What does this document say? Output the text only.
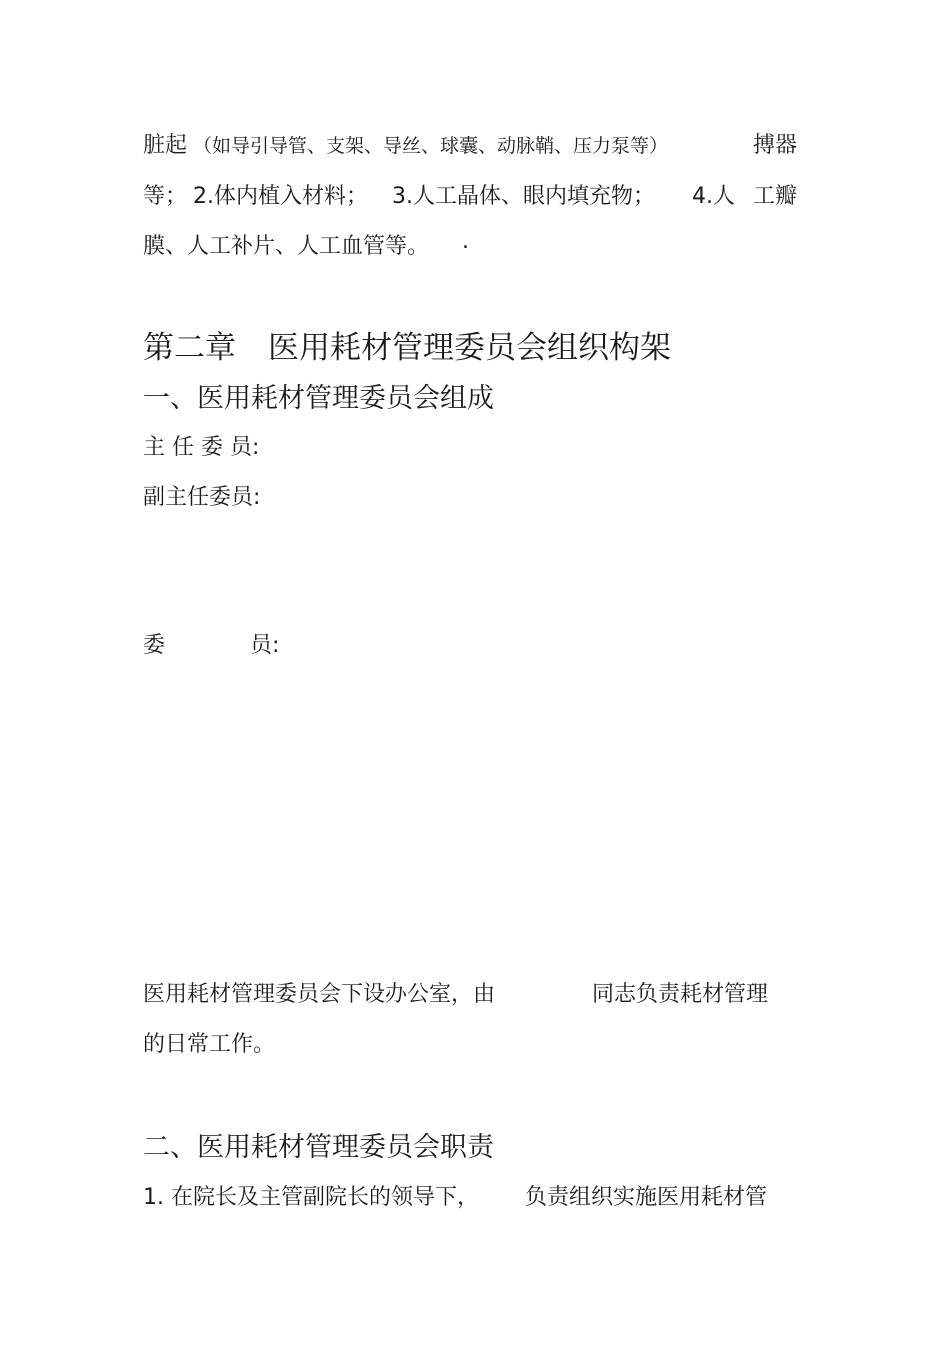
脏起 （如导引导管、支架、导丝、球囊、动脉鞘、压力泵等）	搏器

等； 2.体内植入材料； 3.人工晶体、眼内填充物； 4.人 工瓣

膜、人工补片、人工血管等。 .

第二章 医用耗材管理委员会组织构架
一、医用耗材管理委员会组成

主 任 委 员:

副主任委员:

委	员:

医用耗材管理委员会下设办公室，由	同志负责耗材管理

的日常工作。

二、医用耗材管理委员会职责

1. 在院长及主管副院长的领导下， 负责组织实施医用耗材管
